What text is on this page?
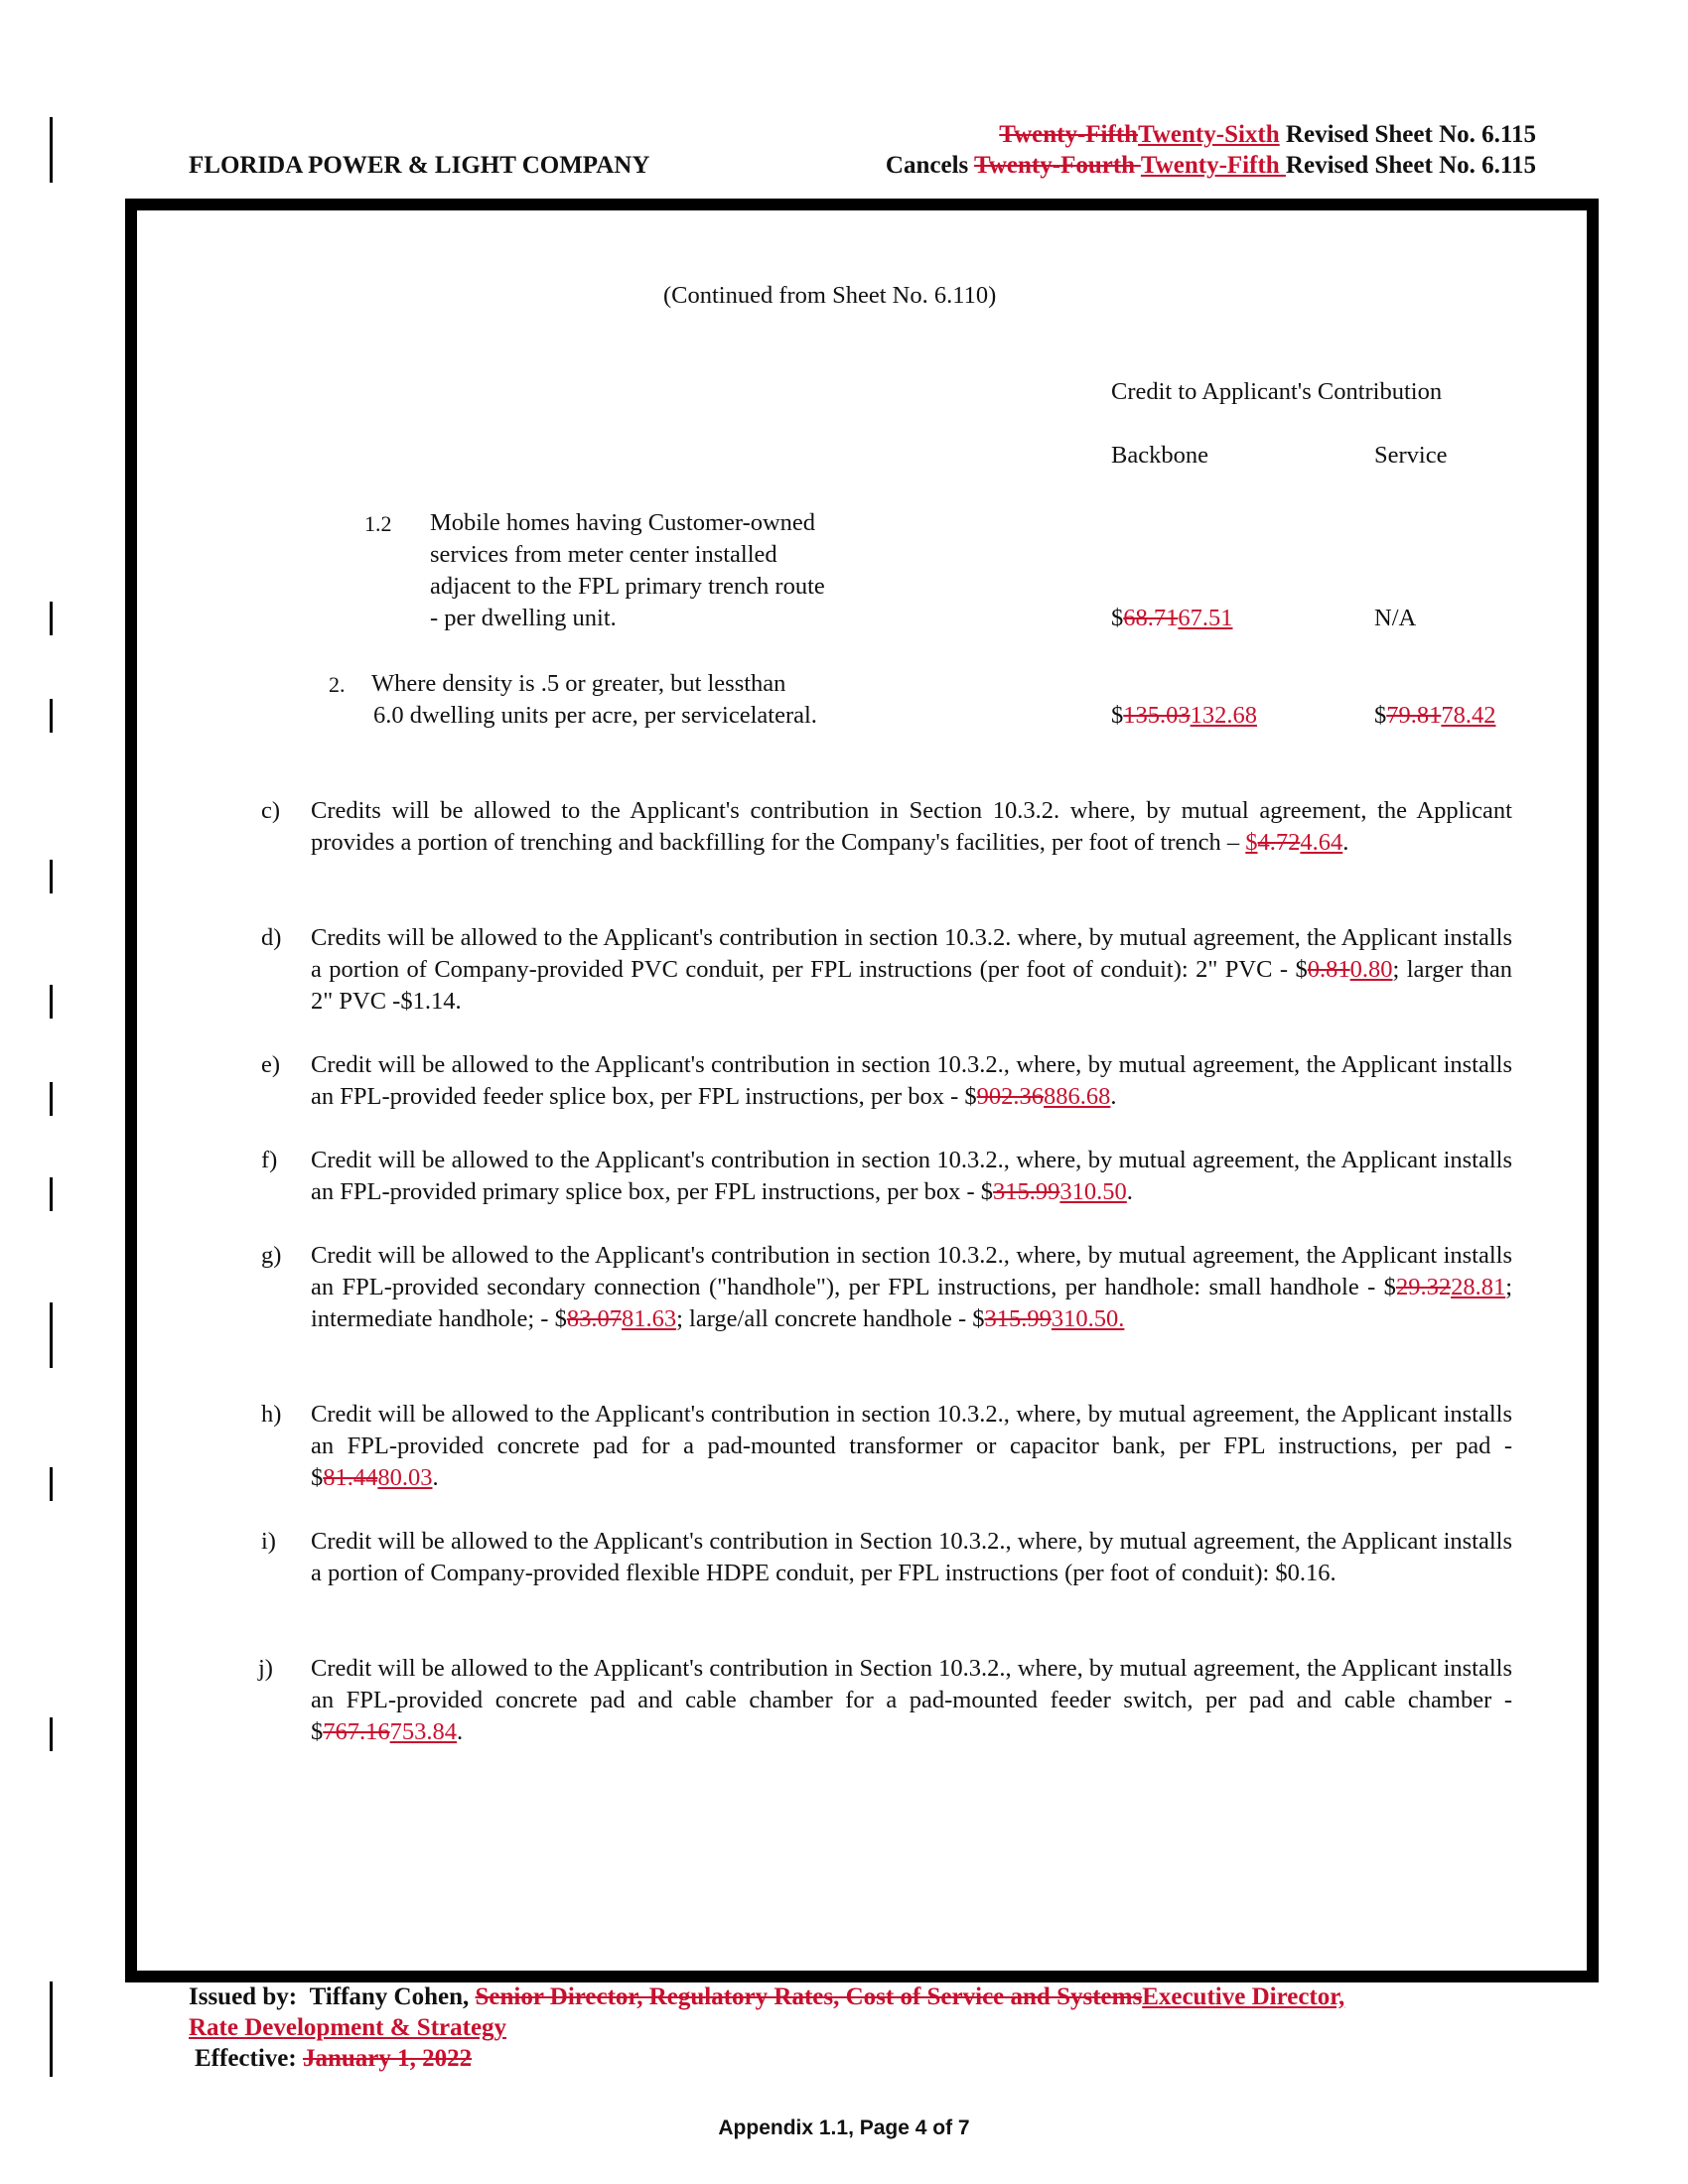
FLORIDA POWER & LIGHT COMPANY
Twenty-FifthTwenty-Sixth Revised Sheet No. 6.115
Cancels Twenty-Fourth Twenty-Fifth Revised Sheet No. 6.115
(Continued from Sheet No. 6.110)
Credit to Applicant's Contribution
Backbone	Service
1.2 Mobile homes having Customer-owned
services from meter center installed
adjacent to the FPL primary trench route
- per dwelling unit.	$68.7167.51	N/A
2. Where density is .5 or greater, but lessthan
6.0 dwelling units per acre, per servicelateral.	$135.03132.68	$79.8178.42
c) Credits will be allowed to the Applicant's contribution in Section 10.3.2. where, by mutual agreement, the Applicant provides a portion of trenching and backfilling for the Company's facilities, per foot of trench – $4.724.64.
d) Credits will be allowed to the Applicant's contribution in section 10.3.2. where, by mutual agreement, the Applicant installs a portion of Company-provided PVC conduit, per FPL instructions (per foot of conduit): 2" PVC - $0.810.80; larger than 2" PVC -$1.14.
e) Credit will be allowed to the Applicant's contribution in section 10.3.2., where, by mutual agreement, the Applicant installs an FPL-provided feeder splice box, per FPL instructions, per box - $902.36886.68.
f) Credit will be allowed to the Applicant's contribution in section 10.3.2., where, by mutual agreement, the Applicant installs an FPL-provided primary splice box, per FPL instructions, per box - $315.99310.50.
g) Credit will be allowed to the Applicant's contribution in section 10.3.2., where, by mutual agreement, the Applicant installs an FPL-provided secondary connection ("handhole"), per FPL instructions, per handhole: small handhole - $29.3228.81; intermediate handhole; - $83.0781.63; large/all concrete handhole - $315.99310.50.
h) Credit will be allowed to the Applicant's contribution in section 10.3.2., where, by mutual agreement, the Applicant installs an FPL-provided concrete pad for a pad-mounted transformer or capacitor bank, per FPL instructions, per pad - $81.4480.03.
i) Credit will be allowed to the Applicant's contribution in Section 10.3.2., where, by mutual agreement, the Applicant installs a portion of Company-provided flexible HDPE conduit, per FPL instructions (per foot of conduit): $0.16.
j) Credit will be allowed to the Applicant's contribution in Section 10.3.2., where, by mutual agreement, the Applicant installs an FPL-provided concrete pad and cable chamber for a pad-mounted feeder switch, per pad and cable chamber - $767.16753.84.
Issued by: Tiffany Cohen, Senior Director, Regulatory Rates, Cost of Service and SystemsExecutive Director,
Rate Development & Strategy
Effective: January 1, 2022
Appendix 1.1, Page 4 of 7
